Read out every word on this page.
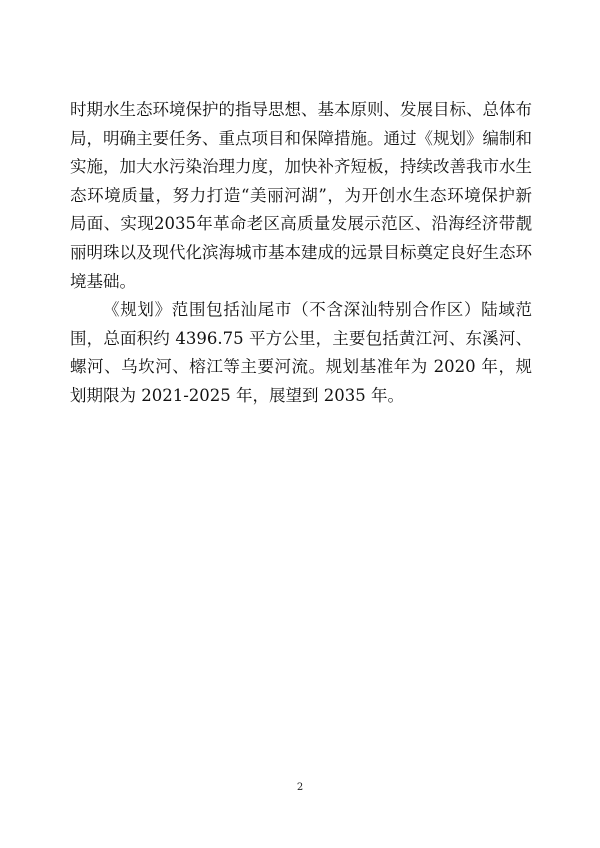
时期水生态环境保护的指导思想、基本原则、发展目标、总体布局，明确主要任务、重点项目和保障措施。通过《规划》编制和实施，加大水污染治理力度，加快补齐短板，持续改善我市水生态环境质量，努力打造“美丽河湖”，为开创水生态环境保护新局面、实现2035年革命老区高质量发展示范区、沿海经济带靓丽明珠以及现代化滨海城市基本建成的远景目标奠定良好生态环境基础。

《规划》范围包括汕尾市（不含深汕特别合作区）陆域范围，总面积约 4396.75 平方公里，主要包括黄江河、东溪河、螺河、乌坎河、榕江等主要河流。规划基准年为 2020 年，规划期限为 2021-2025 年，展望到 2035 年。

2
